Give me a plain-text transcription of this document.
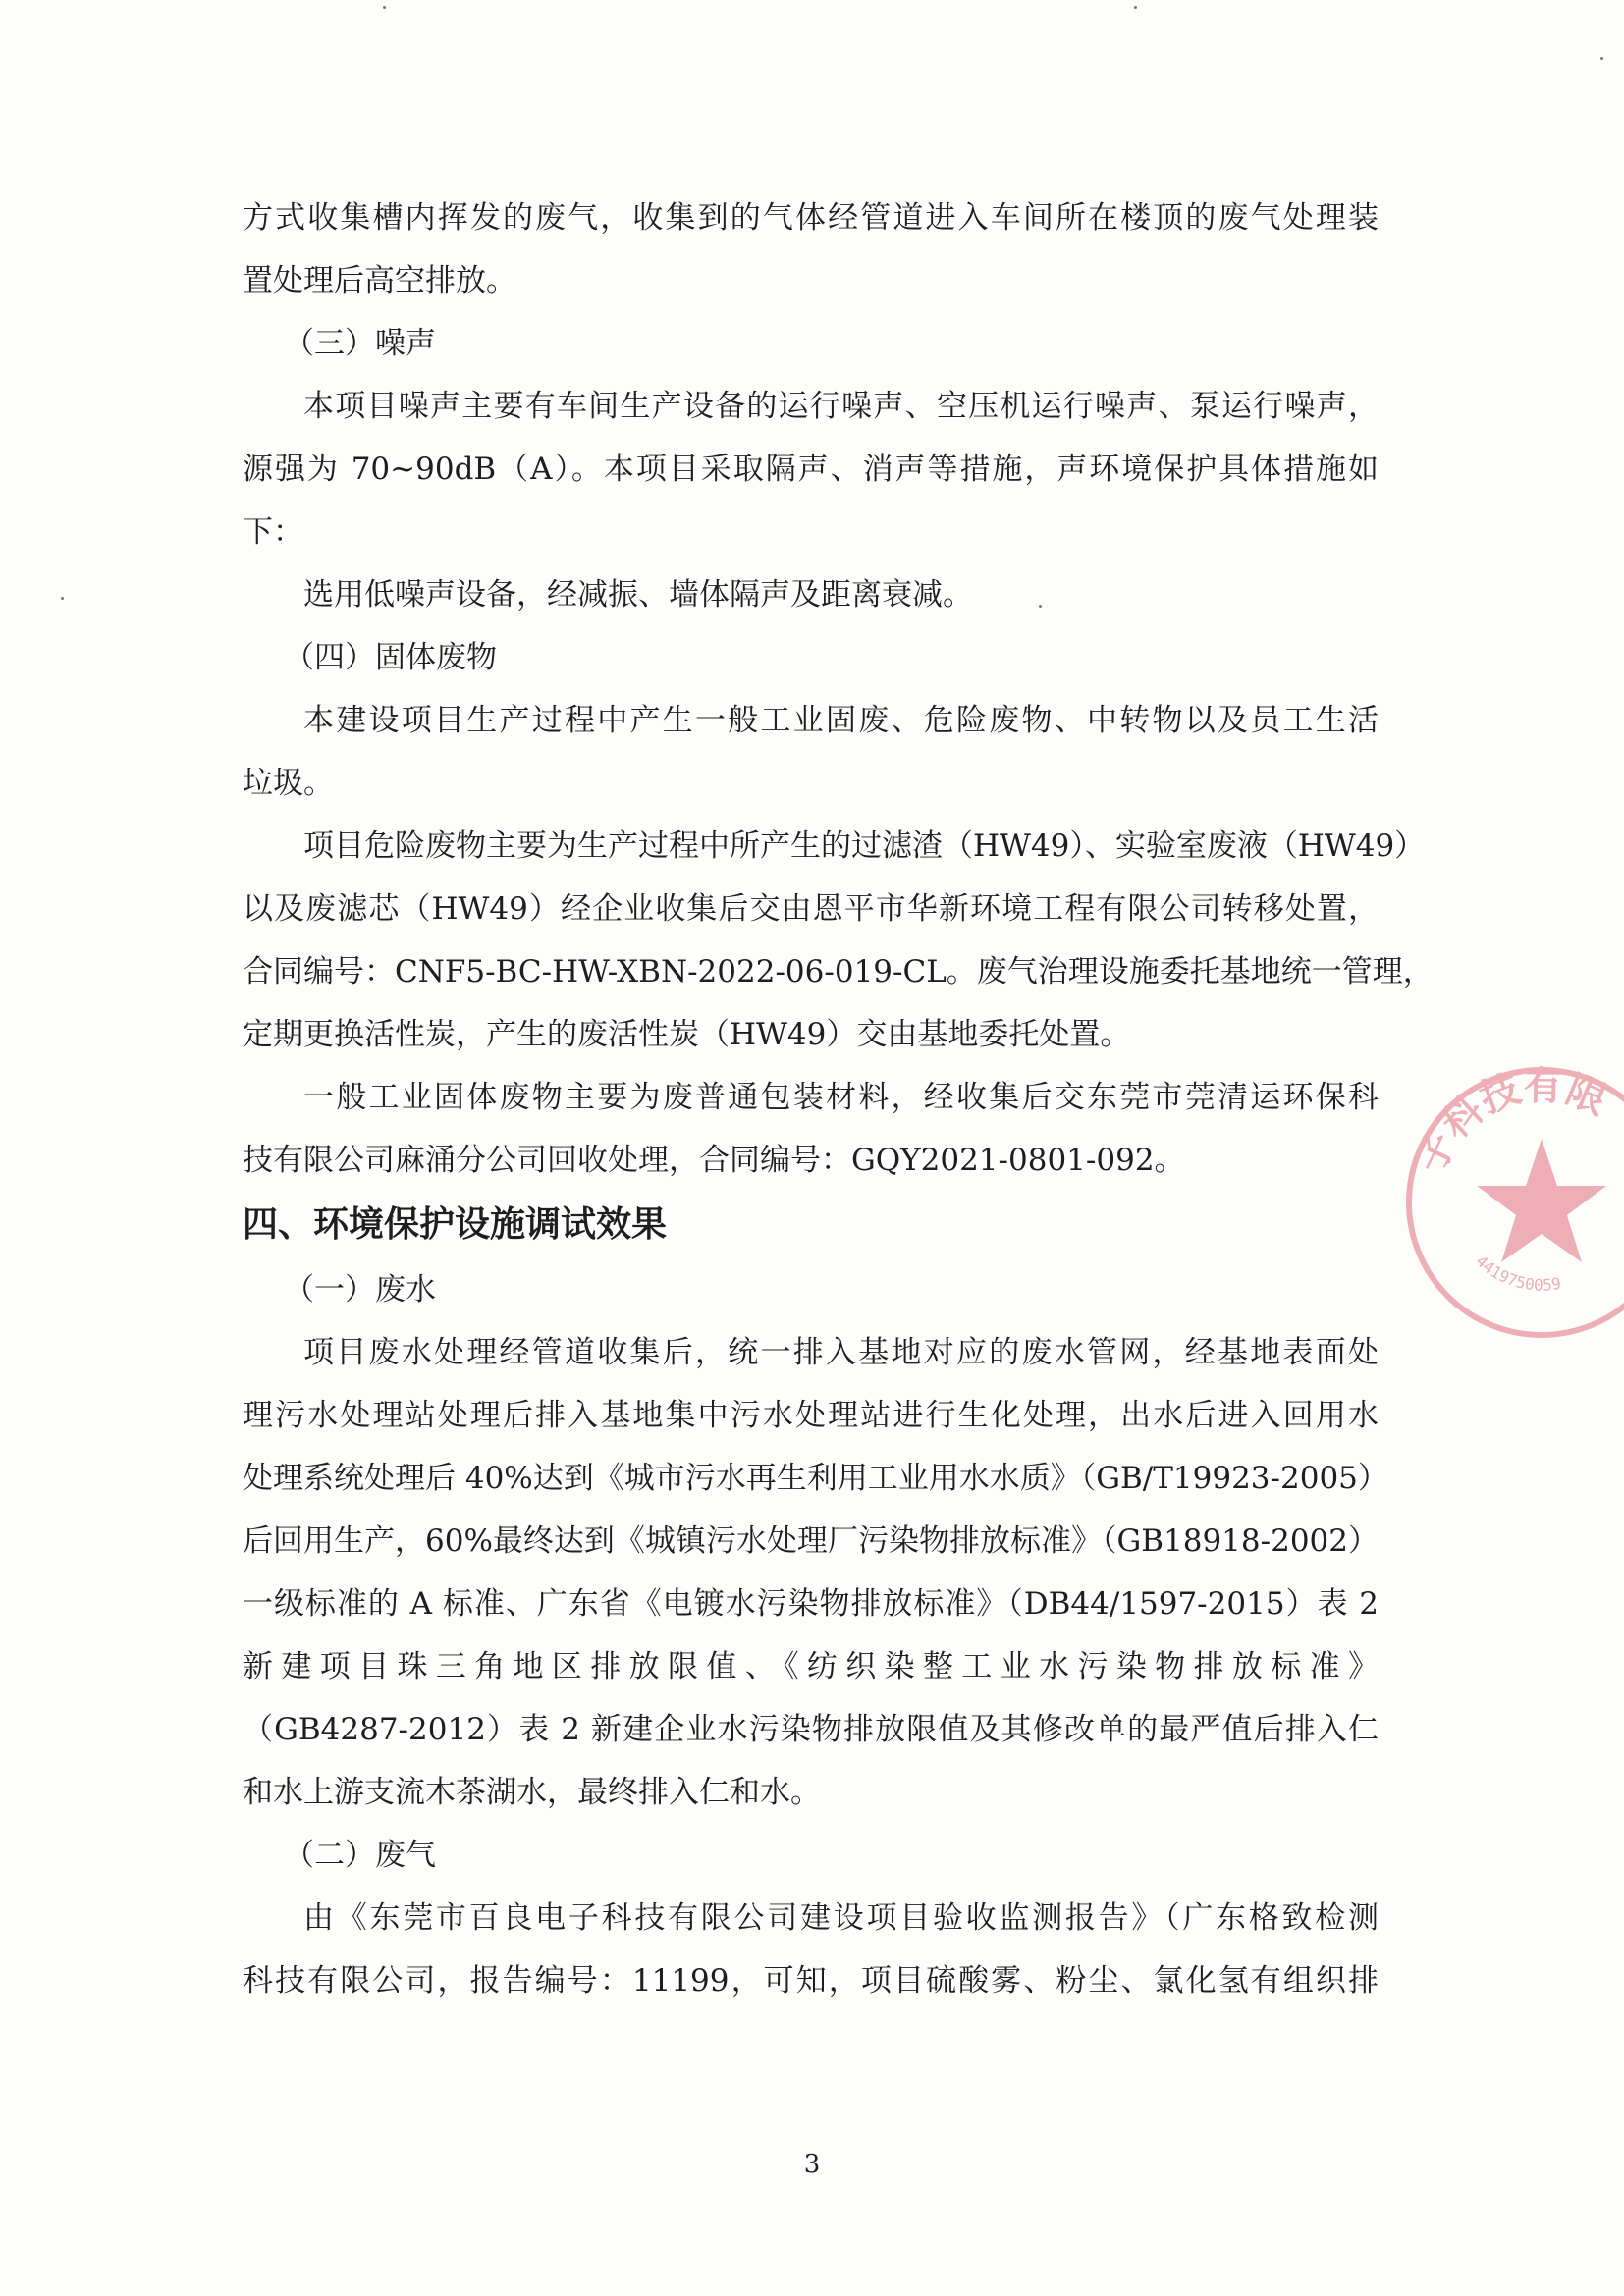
方式收集槽内挥发的废气，收集到的气体经管道进入车间所在楼顶的废气处理装
置处理后高空排放。
（三）噪声
本项目噪声主要有车间生产设备的运行噪声、空压机运行噪声、泵运行噪声，
源强为 70~90dB（A）。本项目采取隔声、消声等措施，声环境保护具体措施如
下：
选用低噪声设备，经减振、墙体隔声及距离衰减。
（四）固体废物
本建设项目生产过程中产生一般工业固废、危险废物、中转物以及员工生活
垃圾。
项目危险废物主要为生产过程中所产生的过滤渣（HW49）、实验室废液（HW49）
以及废滤芯（HW49）经企业收集后交由恩平市华新环境工程有限公司转移处置，
合同编号：CNF5-BC-HW-XBN-2022-06-019-CL。废气治理设施委托基地统一管理，
定期更换活性炭，产生的废活性炭（HW49）交由基地委托处置。
一般工业固体废物主要为废普通包装材料，经收集后交东莞市莞清运环保科
技有限公司麻涌分公司回收处理，合同编号：GQY2021-0801-092。
四、环境保护设施调试效果
（一）废水
项目废水处理经管道收集后，统一排入基地对应的废水管网，经基地表面处
理污水处理站处理后排入基地集中污水处理站进行生化处理，出水后进入回用水
处理系统处理后 40%达到《城市污水再生利用工业用水水质》（GB/T19923-2005）
后回用生产，60%最终达到《城镇污水处理厂污染物排放标准》（GB18918-2002）
一级标准的 A 标准、广东省《电镀水污染物排放标准》（DB44/1597-2015）表 2
新建项目珠三角地区排放限值、《纺织染整工业水污染物排放标准》
（GB4287-2012）表 2 新建企业水污染物排放限值及其修改单的最严值后排入仁
和水上游支流木茶湖水，最终排入仁和水。
（二）废气
由《东莞市百良电子科技有限公司建设项目验收监测报告》（广东格致检测
科技有限公司，报告编号：11199，可知，项目硫酸雾、粉尘、氯化氢有组织排
3
子科技有限
4419750059
